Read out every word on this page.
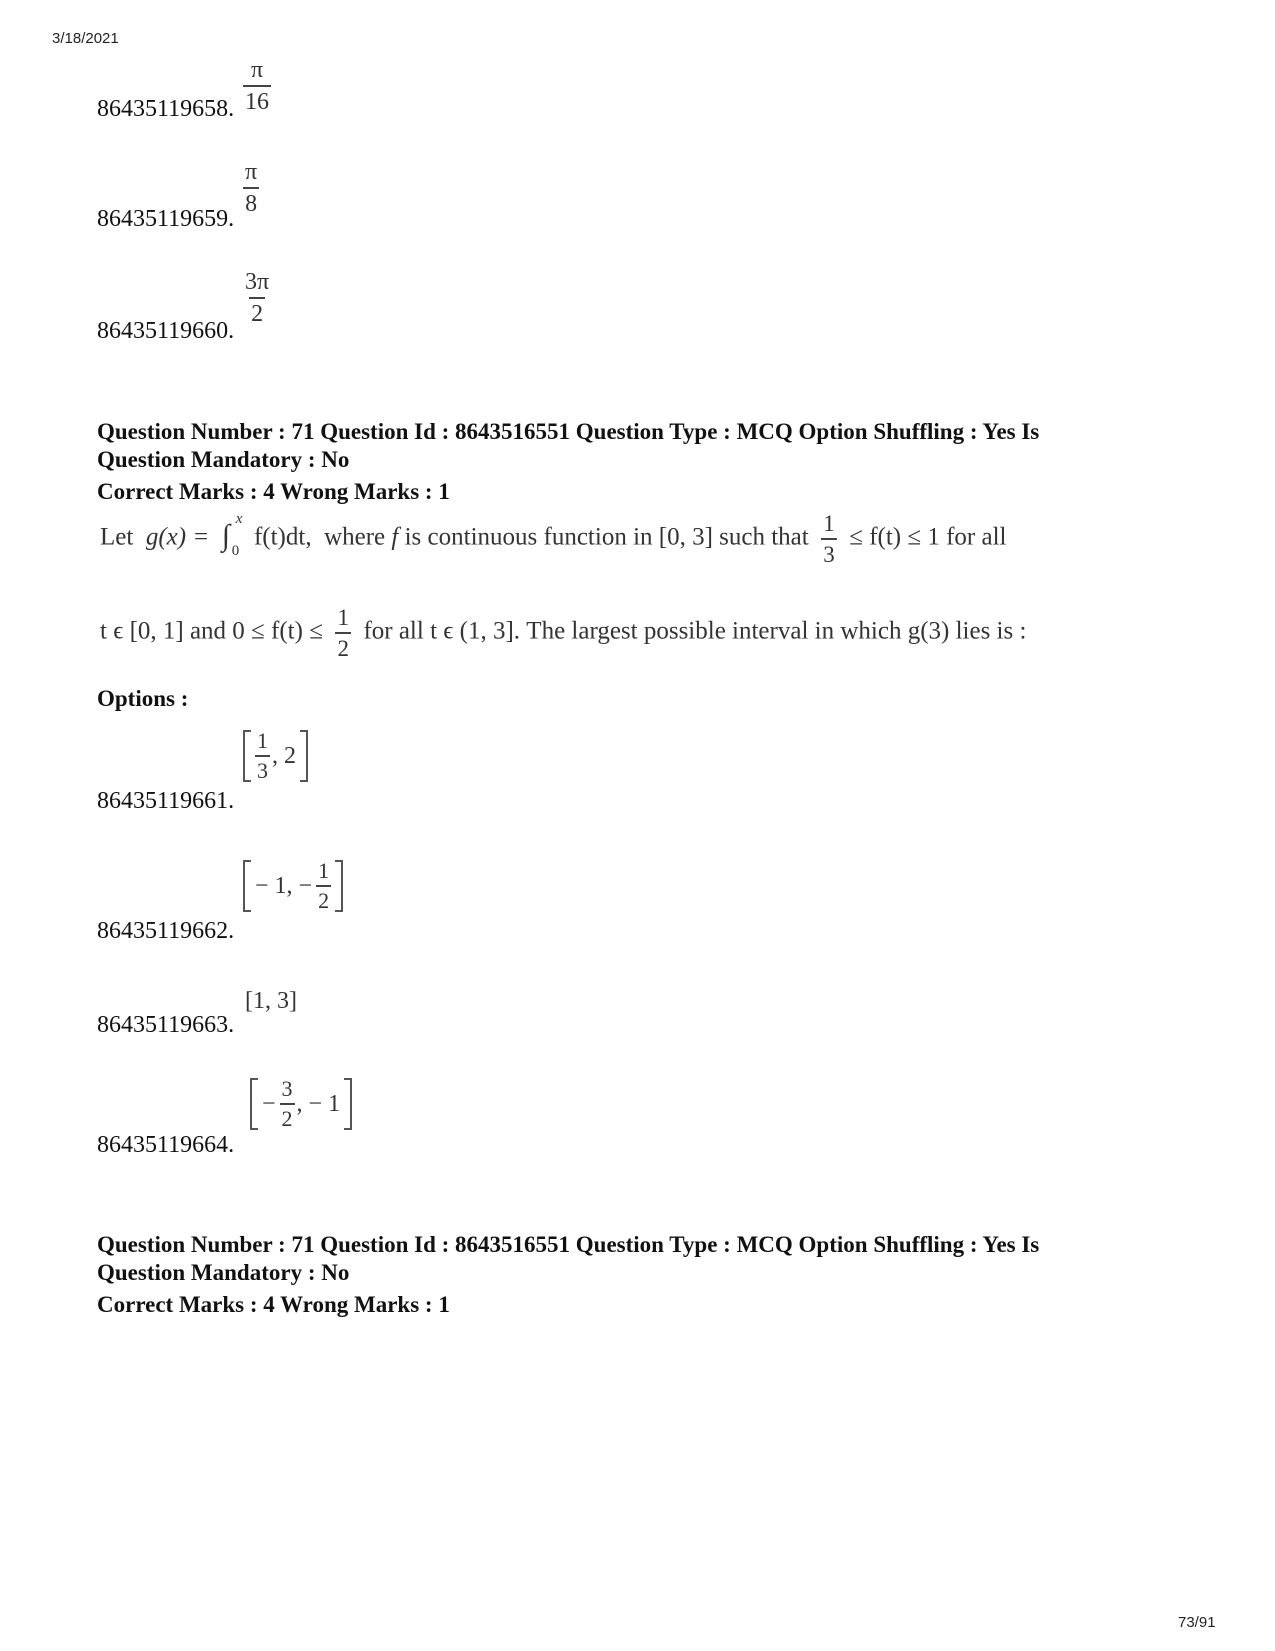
3/18/2021
86435119658. $\frac{\pi}{16}$
86435119659.
$\frac{\pi}{8}$
86435119660.
$\frac{3\pi}{2}$
Question Number : 71 Question Id : 8643516551 Question Type : MCQ Option Shuffling : Yes Is
Question Mandatory : No
Correct Marks : 4 Wrong Marks : 1
Let g(x) = ∫ x
0 f(t)dt, where f is continuous function in [0, 3] such that $\frac{1}{3} \le f(t) \le 1$ for all
t ϵ [0, 1] and $0 \le f(t) \le \frac{1}{2}$ for all t ϵ (1, 3]. The largest possible interval in which g(3) lies is :
Options :
86435119661.
$\frac{1}{3}$ , 2
86435119662.
− 1, − $\frac{1}{2}$
86435119663.
[1, 3]
86435119664.
− $\frac{3}{2}$ , − 1
Question Number : 71 Question Id : 8643516551 Question Type : MCQ Option Shuffling : Yes Is
Question Mandatory : No
Correct Marks : 4 Wrong Marks : 1
73/91
